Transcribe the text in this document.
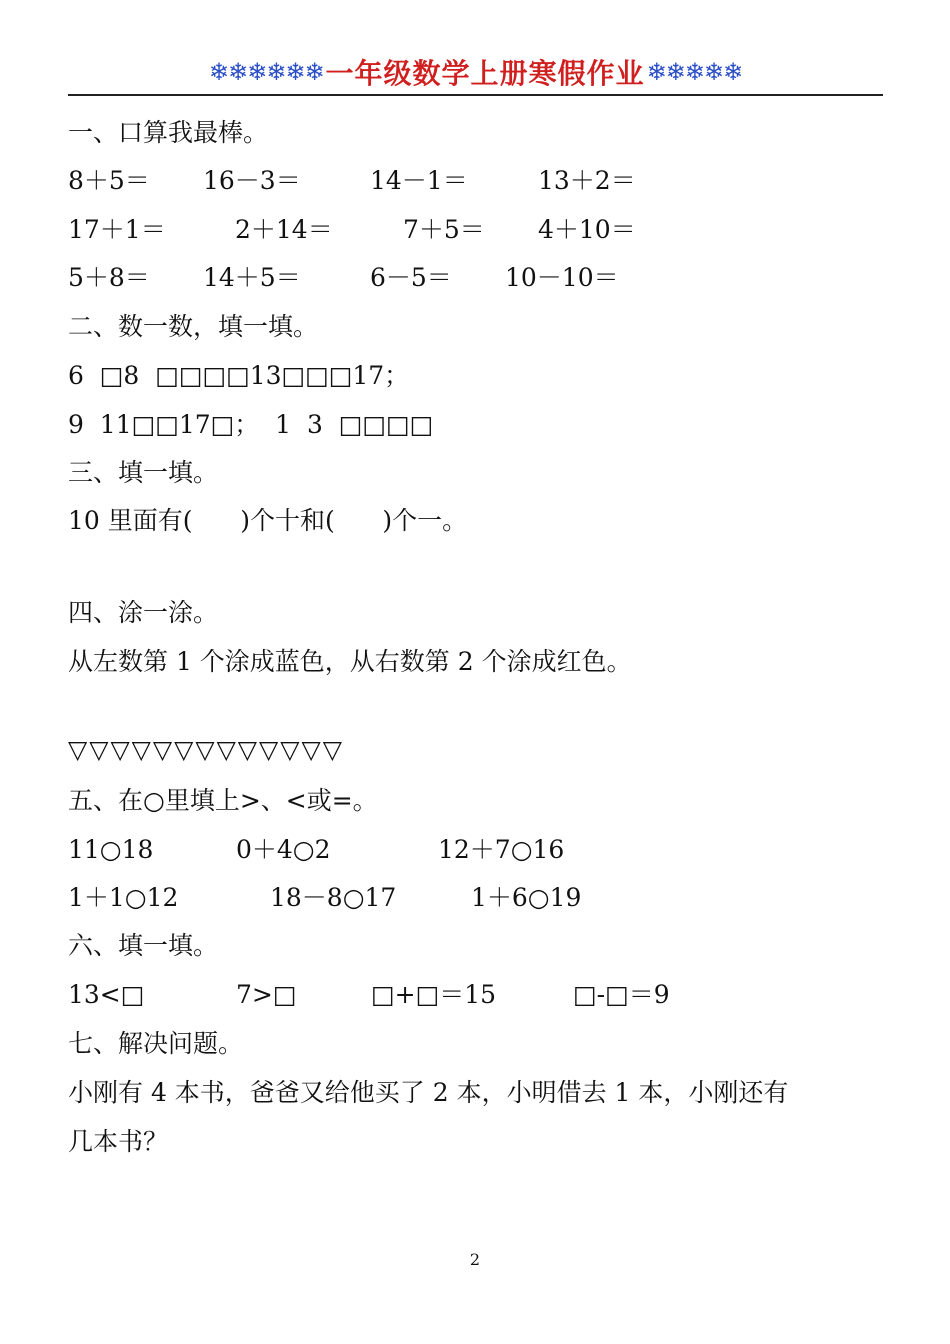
❄❄❄❄❄❄ 一年级数学上册寒假作业 ❄❄❄❄❄
一、口算我最棒。
8＋5＝ 16－3＝	14－1＝	13＋2＝
17＋1＝	2＋14＝	7＋5＝ 4＋10＝
5＋8＝ 14＋5＝	6－5＝ 10－10＝
二、数一数，填一填。
6  □8  □□□□13□□□17；
9  11□□17□；  1  3  □□□□
三、填一填。
10 里面有(      )个十和(      )个一。
四、涂一涂。
从左数第 1 个涂成蓝色，从右数第 2 个涂成红色。
▽▽▽▽▽▽▽▽▽▽▽▽▽
五、在○里填上>、<或=。
11○18	0＋4○2	12＋7○16
1＋1○12	18－8○17	1＋6○19
六、填一填。
13<□	7>□	□+□＝15	□-□＝9
七、解决问题。
小刚有 4 本书，爸爸又给他买了 2 本，小明借去 1 本，小刚还有
几本书？
2
